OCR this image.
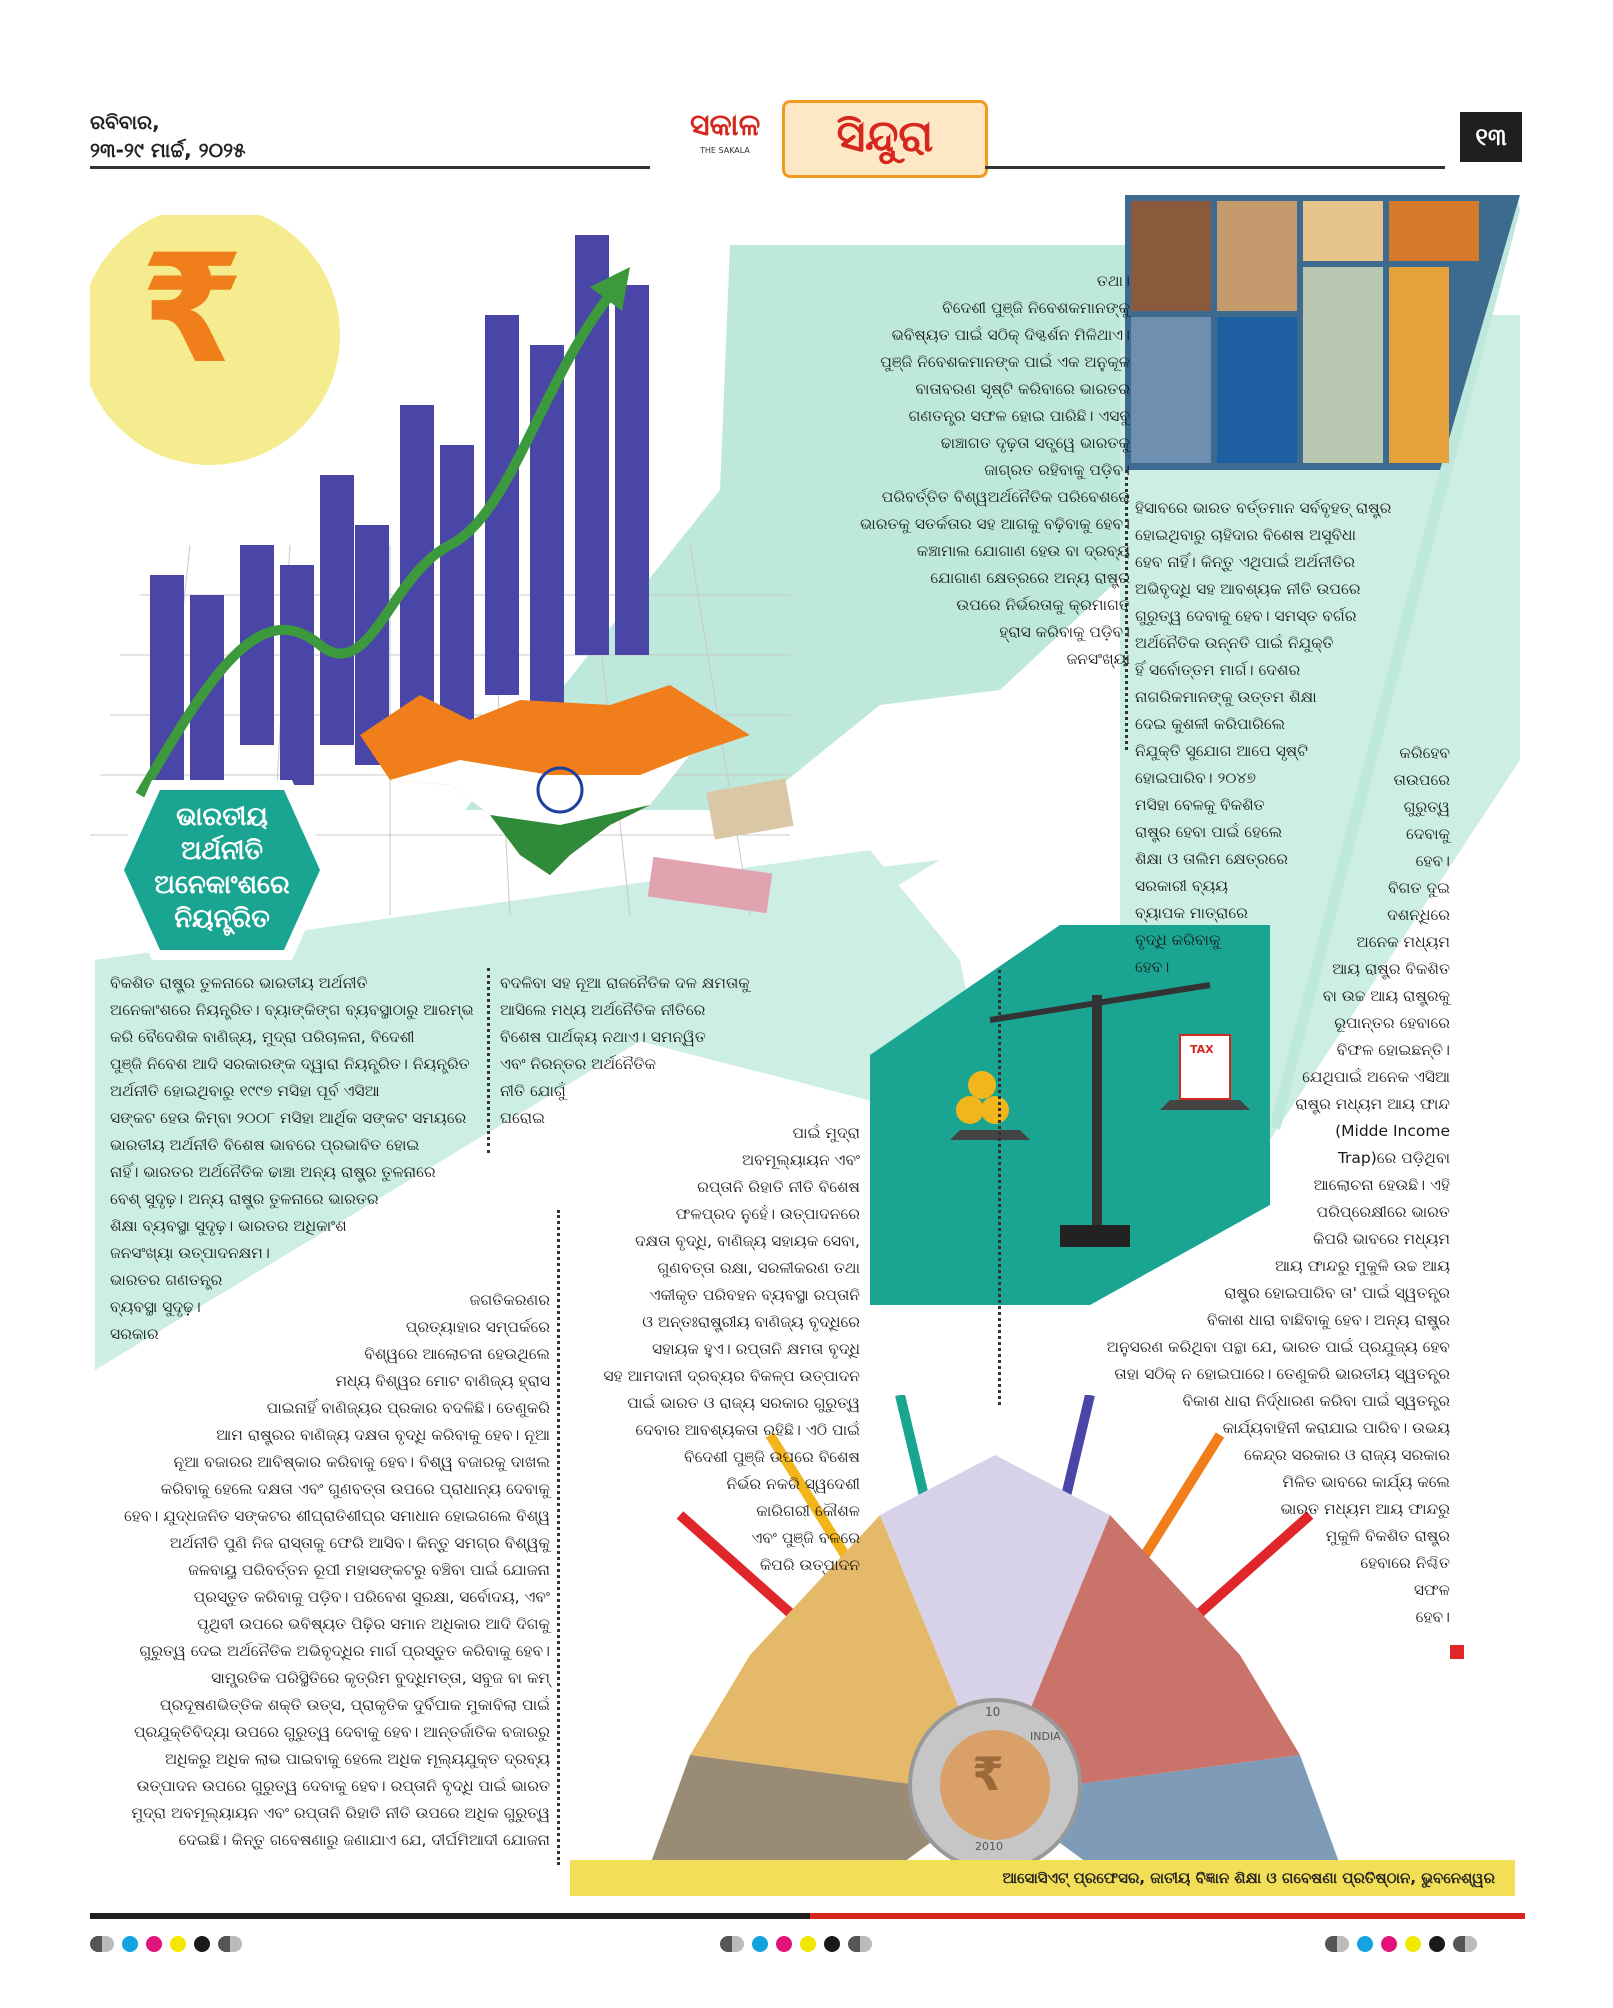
ରବିବାର,
୨୩-୨୯ ମାର୍ଚ୍ଚ, ୨୦୨୫
ସକାଳ
THE SAKALA	ସିନ୍ଦୁରା	୧୩
₹
ଭାରତୀୟ
ଅର୍ଥନୀତି
ଅନେକାଂଶରେ
ନିୟନ୍ତ୍ରିତ
TAX
₹
10
INDIA
2010

ତଥା।

ବିଦେଶୀ ପୁଞ୍ଜି ନିବେଶକମାନଙ୍କୁ

ଭବିଷ୍ୟତ ପାଇଁ ସଠିକ୍ ଦିଗ୍ଦର୍ଶନ ମିଳିଥାଏ।

ପୁଞ୍ଜି ନିବେଶକମାନଙ୍କ ପାଇଁ ଏକ ଅନୁକୂଳ

ବାତାବରଣ ସୃଷ୍ଟି କରିବାରେ ଭାରତର

ଗଣତନ୍ତ୍ର ସଫଳ ହୋଇ ପାରିଛି। ଏସବୁ

ଢାଞ୍ଚାଗତ ଦୃଢ଼ତା ସତ୍ତ୍ୱେ ଭାରତକୁ

ଜାଗ୍ରତ ରହିବାକୁ ପଡ଼ିବ।

ପରିବର୍ତ୍ତିତ ବିଶ୍ୱଅର୍ଥନୈତିକ ପରିବେଶରେ

ଭାରତକୁ ସତର୍କତାର ସହ ଆଗକୁ ବଢ଼ିବାକୁ ହେବ।

କଞ୍ଚାମାଲ ଯୋଗାଣ ହେଉ ବା ଦ୍ରବ୍ୟ

ଯୋଗାଣ କ୍ଷେତ୍ରରେ ଅନ୍ୟ ରାଷ୍ଟ୍ର

ଉପରେ ନିର୍ଭରତାକୁ କ୍ରମାଗତ

ହ୍ରାସ କରିବାକୁ ପଡ଼ିବ।

ଜନସଂଖ୍ୟା

ହିସାବରେ ଭାରତ ବର୍ତ୍ତମାନ ସର୍ବବୃହତ୍ ରାଷ୍ଟ୍ର

ହୋଇଥିବାରୁ ଚାହିଦାର ବିଶେଷ ଅସୁବିଧା

ହେବ ନାହିଁ। କିନ୍ତୁ ଏଥିପାଇଁ ଅର୍ଥନୀତିର

ଅଭିବୃଦ୍ଧି ସହ ଆବଶ୍ୟକ ନୀତି ଉପରେ

ଗୁରୁତ୍ୱ ଦେବାକୁ ହେବ। ସମସ୍ତ ବର୍ଗର

ଅର୍ଥନୈତିକ ଉନ୍ନତି ପାଇଁ ନିଯୁକ୍ତି

ହିଁ ସର୍ବୋତ୍ତମ ମାର୍ଗ। ଦେଶର

ନାଗରିକମାନଙ୍କୁ ଉତ୍ତମ ଶିକ୍ଷା

ଦେଇ କୁଶଳୀ କରିପାରିଲେ

ନିଯୁକ୍ତି ସୁଯୋଗ ଆପେ ସୃଷ୍ଟି

ହୋଇପାରିବ। ୨୦୪୭

ମସିହା ବେଳକୁ ବିକଶିତ

ରାଷ୍ଟ୍ର ହେବା ପାଇଁ ହେଲେ

ଶିକ୍ଷା ଓ ତାଲିମ କ୍ଷେତ୍ରରେ

ସରକାରୀ ବ୍ୟୟ

ବ୍ୟାପକ ମାତ୍ରାରେ

ବୃଦ୍ଧି କରିବାକୁ

ହେବ।

କରିହେବ

ତାଉପରେ

ଗୁରୁତ୍ୱ

ଦେବାକୁ

ହେବ।

ବିଗତ ଦୁଇ

ଦଶନ୍ଧିରେ

ଅନେକ ମଧ୍ୟମ

ଆୟ ରାଷ୍ଟ୍ର ବିକଶିତ

ବା ଉଚ୍ଚ ଆୟ ରାଷ୍ଟ୍ରକୁ

ରୂପାନ୍ତର ହେବାରେ

ବିଫଳ ହୋଇଛନ୍ତି।

ଯେଥିପାଇଁ ଅନେକ ଏସିଆ

ରାଷ୍ଟ୍ର ମଧ୍ୟମ ଆୟ ଫାନ୍ଦ

(Midde Income

Trap)ରେ ପଡ଼ିଥିବା

ଆଲୋଚନା ହେଉଛି। ଏହି

ପରିପ୍ରେକ୍ଷୀରେ ଭାରତ

କିପରି ଭାବରେ ମଧ୍ୟମ

ଆୟ ଫାନ୍ଦରୁ ମୁକୁଳି ଉଚ୍ଚ ଆୟ

ରାଷ୍ଟ୍ର ହୋଇପାରିବ ତା' ପାଇଁ ସ୍ୱତନ୍ତ୍ର

ବିକାଶ ଧାରା ବାଛିବାକୁ ହେବ। ଅନ୍ୟ ରାଷ୍ଟ୍ର

ଅନୁସରଣ କରିଥିବା ପନ୍ଥା ଯେ, ଭାରତ ପାଇଁ ପ୍ରଯୁଜ୍ୟ ହେବ

ତାହା ସଠିକ୍ ନ ହୋଇପାରେ। ତେଣୁକରି ଭାରତୀୟ ସ୍ୱତନ୍ତ୍ର

ବିକାଶ ଧାରା ନିର୍ଦ୍ଧାରଣ କରିବା ପାଇଁ ସ୍ୱତନ୍ତ୍ର

କାର୍ଯ୍ୟବାହିନୀ କରାଯାଇ ପାରିବ। ଉଭୟ

କେନ୍ଦ୍ର ସରକାର ଓ ରାଜ୍ୟ ସରକାର

ମିଳିତ ଭାବରେ କାର୍ଯ୍ୟ କଲେ

ଭାରତ ମଧ୍ୟମ ଆୟ ଫାନ୍ଦରୁ

ମୁକୁଳି ବିକଶିତ ରାଷ୍ଟ୍ର

ହେବାରେ ନିଶ୍ଚିତ

ସଫଳ

ହେବ।

ବିକଶିତ ରାଷ୍ଟ୍ର ତୁଳନାରେ ଭାରତୀୟ ଅର୍ଥନୀତି

ଅନେକାଂଶରେ ନିୟନ୍ତ୍ରିତ। ବ୍ୟାଙ୍କିଙ୍ଗ ବ୍ୟବସ୍ଥାଠାରୁ ଆରମ୍ଭ

କରି ବୈଦେଶିକ ବାଣିଜ୍ୟ, ମୁଦ୍ରା ପରିଚାଳନା, ବିଦେଶୀ

ପୁଞ୍ଜି ନିବେଶ ଆଦି ସରକାରଙ୍କ ଦ୍ୱାରା ନିୟନ୍ତ୍ରିତ। ନିୟନ୍ତ୍ରିତ

ଅର୍ଥନୀତି ହୋଇଥିବାରୁ ୧୯୯୭ ମସିହା ପୂର୍ବ ଏସିଆ

ସଙ୍କଟ ହେଉ କିମ୍ବା ୨୦୦୮ ମସିହା ଆର୍ଥିକ ସଙ୍କଟ ସମୟରେ

ଭାରତୀୟ ଅର୍ଥନୀତି ବିଶେଷ ଭାବରେ ପ୍ରଭାବିତ ହୋଇ

ନାହିଁ। ଭାରତର ଅର୍ଥନୈତିକ ଢାଞ୍ଚା ଅନ୍ୟ ରାଷ୍ଟ୍ର ତୁଳନାରେ

ବେଶ୍ ସୁଦୃଢ଼। ଅନ୍ୟ ରାଷ୍ଟ୍ର ତୁଳନାରେ ଭାରତର

ଶିକ୍ଷା ବ୍ୟବସ୍ଥା ସୁଦୃଢ଼। ଭାରତର ଅଧିକାଂଶ

ଜନସଂଖ୍ୟା ଉତ୍ପାଦନକ୍ଷମ।

ଭାରତର ଗଣତନ୍ତ୍ର

ବ୍ୟବସ୍ଥା ସୁଦୃଢ଼।

ସରକାର

ବଦଳିବା ସହ ନୂଆ ରାଜନୈତିକ ଦଳ କ୍ଷମତାକୁ

ଆସିଲେ ମଧ୍ୟ ଅର୍ଥନୈତିକ ନୀତିରେ

ବିଶେଷ ପାର୍ଥକ୍ୟ ନଥାଏ। ସମନ୍ୱିତ

ଏବଂ ନିରନ୍ତର ଅର୍ଥନୈତିକ

ନୀତି ଯୋଗୁଁ

ଘରୋଇ

ଜଗତିକରଣର

ପ୍ରତ୍ୟାହାର ସମ୍ପର୍କରେ

ବିଶ୍ୱରେ ଆଲୋଚନା ହେଉଥିଲେ

ମଧ୍ୟ ବିଶ୍ୱର ମୋଟ ବାଣିଜ୍ୟ ହ୍ରାସ

ପାଇନାହିଁ ବାଣିଜ୍ୟର ପ୍ରକାର ବଦଳିଛି। ତେଣୁକରି

ଆମ ରାଷ୍ଟ୍ରର ବାଣିଜ୍ୟ ଦକ୍ଷତା ବୃଦ୍ଧି କରିବାକୁ ହେବ। ନୂଆ

ନୂଆ ବଜାରର ଆବିଷ୍କାର କରିବାକୁ ହେବ। ବିଶ୍ୱ ବଜାରକୁ ଦାଖଲ

କରିବାକୁ ହେଲେ ଦକ୍ଷତା ଏବଂ ଗୁଣବତ୍ତା ଉପରେ ପ୍ରାଧାନ୍ୟ ଦେବାକୁ

ହେବ। ଯୁଦ୍ଧଜନିତ ସଙ୍କଟର ଶୀଘ୍ରାତିଶୀଘ୍ର ସମାଧାନ ହୋଇଗଲେ ବିଶ୍ୱ

ଅର୍ଥନୀତି ପୁଣି ନିଜ ରାସ୍ତାକୁ ଫେରି ଆସିବ। କିନ୍ତୁ ସମଗ୍ର ବିଶ୍ୱକୁ

ଜଳବାୟୁ ପରିବର୍ତ୍ତନ ରୂପୀ ମହାସଙ୍କଟରୁ ବଞ୍ଚିବା ପାଇଁ ଯୋଜନା

ପ୍ରସ୍ତୁତ କରିବାକୁ ପଡ଼ିବ। ପରିବେଶ ସୁରକ୍ଷା, ସର୍ବୋଦୟ, ଏବଂ

ପୃଥିବୀ ଉପରେ ଭବିଷ୍ୟତ ପିଢ଼ିର ସମାନ ଅଧିକାର ଆଦି ଦିଗକୁ

ଗୁରୁତ୍ୱ ଦେଇ ଅର୍ଥନୈତିକ ଅଭିବୃଦ୍ଧିର ମାର୍ଗ ପ୍ରସ୍ତୁତ କରିବାକୁ ହେବ।

ସାମ୍ପ୍ରତିକ ପରିସ୍ଥିତିରେ କୃତ୍ରିମ ବୁଦ୍ଧିମତ୍ତା, ସବୁଜ ବା କମ୍

ପ୍ରଦୂଷଣଭିତ୍ତିକ ଶକ୍ତି ଉତ୍ସ, ପ୍ରାକୃତିକ ଦୁର୍ବିପାକ ମୁକାବିଲା ପାଇଁ

ପ୍ରଯୁକ୍ତିବିଦ୍ୟା ଉପରେ ଗୁରୁତ୍ୱ ଦେବାକୁ ହେବ। ଆନ୍ତର୍ଜାତିକ ବଜାରରୁ

ଅଧିକରୁ ଅଧିକ ଲାଭ ପାଇବାକୁ ହେଲେ ଅଧିକ ମୂଲ୍ୟଯୁକ୍ତ ଦ୍ରବ୍ୟ

ଉତ୍ପାଦନ ଉପରେ ଗୁରୁତ୍ୱ ଦେବାକୁ ହେବ। ରପ୍ତାନି ବୃଦ୍ଧି ପାଇଁ ଭାରତ

ମୁଦ୍ରା ଅବମୂଲ୍ୟାୟନ ଏବଂ ରପ୍ତାନି ରିହାତି ନୀତି ଉପରେ ଅଧିକ ଗୁରୁତ୍ୱ

ଦେଇଛି। କିନ୍ତୁ ଗବେଷଣାରୁ ଜଣାଯାଏ ଯେ, ଦୀର୍ଘମିଆଦୀ ଯୋଜନା

ପାଇଁ ମୁଦ୍ରା

ଅବମୂଲ୍ୟାୟନ ଏବଂ

ରପ୍ତାନି ରିହାତି ନୀତି ବିଶେଷ

ଫଳପ୍ରଦ ନୁହେଁ। ଉତ୍ପାଦନରେ

ଦକ୍ଷତା ବୃଦ୍ଧି, ବାଣିଜ୍ୟ ସହାୟକ ସେବା,

ଗୁଣବତ୍ତା ରକ୍ଷା, ସରଳୀକରଣ ତଥା

ଏକୀକୃତ ପରିବହନ ବ୍ୟବସ୍ଥା ରପ୍ତାନି

ଓ ଅନ୍ତଃରାଷ୍ଟ୍ରୀୟ ବାଣିଜ୍ୟ ବୃଦ୍ଧିରେ

ସହାୟକ ହୁଏ। ରପ୍ତାନି କ୍ଷମତା ବୃଦ୍ଧି

ସହ ଆମଦାନୀ ଦ୍ରବ୍ୟର ବିକଳ୍ପ ଉତ୍ପାଦନ

ପାଇଁ ଭାରତ ଓ ରାଜ୍ୟ ସରକାର ଗୁରୁତ୍ୱ

ଦେବାର ଆବଶ୍ୟକତା ରହିଛି। ଏଠି ପାଇଁ

ବିଦେଶୀ ପୁଞ୍ଜି ଉପରେ ବିଶେଷ

ନିର୍ଭର ନକରି ସ୍ୱଦେଶୀ

କାରିଗରୀ କୌଶଳ

ଏବଂ ପୁଞ୍ଜି ବଳରେ

କିପରି ଉତ୍ପାଦନ

ଆସୋସିଏଟ୍ ପ୍ରଫେସର, ଜାତୀୟ ବିଜ୍ଞାନ ଶିକ୍ଷା ଓ ଗବେଷଣା ପ୍ରତିଷ୍ଠାନ, ଭୁବନେଶ୍ୱର
